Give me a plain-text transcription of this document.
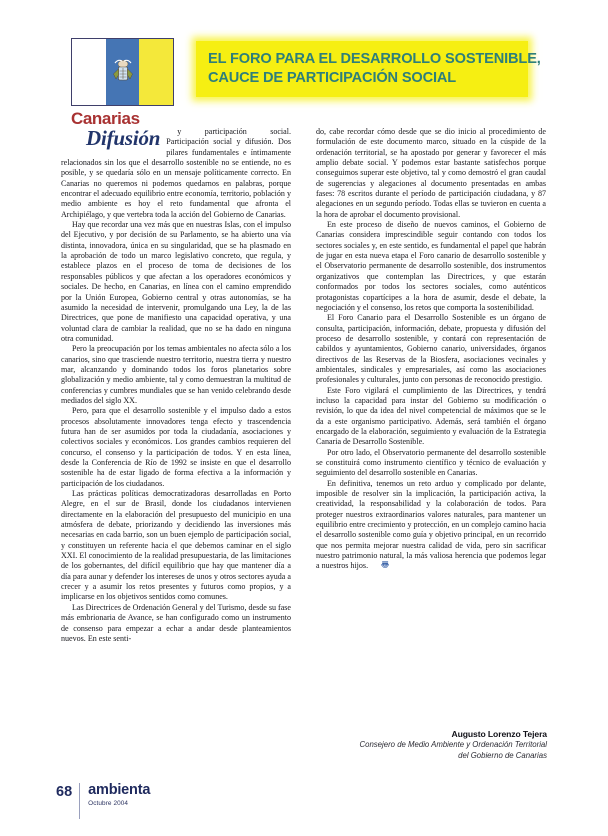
Canarias
EL FORO PARA EL DESARROLLO SOSTENIBLE,
CAUCE DE PARTICIPACIÓN SOCIAL

Difusión	y participación social. Participación social y difusión. Dos pilares fundamentales e íntimamente relacionados sin los que el desarrollo sostenible no se entiende, no es posible, y se quedaría sólo en un mensaje políticamente correcto. En Canarias no queremos ni podemos quedarnos en palabras, porque encontrar el adecuado equilibrio entre economía, territorio, población y medio ambiente es hoy el reto fundamental que afronta el Archipiélago, y que vertebra toda la acción del Gobierno de Canarias.

Hay que recordar una vez más que en nuestras Islas, con el impulso del Ejecutivo, y por decisión de su Parlamento, se ha abierto una vía distinta, innovadora, única en su singularidad, que se ha plasmado en la aprobación de todo un marco legislativo concreto, que regula, y establece plazos en el proceso de toma de decisiones de los responsables públicos y que afectan a los operadores económicos y sociales. De hecho, en Canarias, en línea con el camino emprendido por la Unión Europea, Gobierno central y otras autonomías, se ha asumido la necesidad de intervenir, promulgando una Ley, la de las Directrices, que pone de manifiesto una capacidad operativa, y una voluntad clara de cambiar la realidad, que no se ha dado en ninguna otra comunidad.

Pero la preocupación por los temas ambientales no afecta sólo a los canarios, sino que trasciende nuestro territorio, nuestra tierra y nuestro mar, alcanzando y dominando todos los foros planetarios sobre globalización y medio ambiente, tal y como demuestran la multitud de conferencias y cumbres mundiales que se han venido celebrando desde mediados del siglo XX.

Pero, para que el desarrollo sostenible y el impulso dado a estos procesos absolutamente innovadores tenga efecto y trascendencia futura han de ser asumidos por toda la ciudadanía, asociaciones y colectivos sociales y económicos. Los grandes cambios requieren del concurso, el consenso y la participación de todos. Y en esta línea, desde la Conferencia de Río de 1992 se insiste en que el desarrollo sostenible ha de estar ligado de forma efectiva a la información y participación de los ciudadanos.

Las prácticas políticas democratizadoras desarrolladas en Porto Alegre, en el sur de Brasil, donde los ciudadanos intervienen directamente en la elaboración del presupuesto del municipio en una atmósfera de debate, priorizando y decidiendo las inversiones más necesarias en cada barrio, son un buen ejemplo de participación social, y constituyen un referente hacia el que debemos caminar en el siglo XXI. El conocimiento de la realidad presupuestaria, de las limitaciones de los gobernantes, del difícil equilibrio que hay que mantener día a día para aunar y defender los intereses de unos y otros sectores ayuda a crecer y a asumir los retos presentes y futuros como propios, y a implicarse en los objetivos sentidos como comunes.

Las Directrices de Ordenación General y del Turismo, desde su fase más embrionaria de Avance, se han configurado como un instrumento de consenso para empezar a echar a andar desde planteamientos nuevos. En este senti-

do, cabe recordar cómo desde que se dio inicio al procedimiento de formulación de este documento marco, situado en la cúspide de la ordenación territorial, se ha apostado por generar y favorecer el más amplio debate social. Y podemos estar bastante satisfechos porque conseguimos superar este objetivo, tal y como demostró el gran caudal de sugerencias y alegaciones al documento presentadas en ambas fases: 78 escritos durante el período de participación ciudadana, y 87 alegaciones en un segundo período. Todas ellas se tuvieron en cuenta a la hora de aprobar el documento provisional.

En este proceso de diseño de nuevos caminos, el Gobierno de Canarias considera imprescindible seguir contando con todos los sectores sociales y, en este sentido, es fundamental el papel que habrán de jugar en esta nueva etapa el Foro canario de desarrollo sostenible y el Observatorio permanente de desarrollo sostenible, dos instrumentos organizativos que contemplan las Directrices, y que estarán conformados por todos los sectores sociales, como auténticos protagonistas copartícipes a la hora de asumir, desde el debate, la negociación y el consenso, los retos que comporta la sostenibilidad.

El Foro Canario para el Desarrollo Sostenible es un órgano de consulta, participación, información, debate, propuesta y difusión del proceso de desarrollo sostenible, y contará con representación de cabildos y ayuntamientos, Gobierno canario, universidades, órganos directivos de las Reservas de la Biosfera, asociaciones vecinales y ambientales, sindicales y empresariales, así como las asociaciones profesionales y culturales, junto con personas de reconocido prestigio.

Este Foro vigilará el cumplimiento de las Directrices, y tendrá incluso la capacidad para instar del Gobierno su modificación o revisión, lo que da idea del nivel competencial de máximos que se le da a este organismo participativo. Además, será también el órgano encargado de la elaboración, seguimiento y evaluación de la Estrategia Canaria de Desarrollo Sostenible.

Por otro lado, el Observatorio permanente del desarrollo sostenible se constituirá como instrumento científico y técnico de evaluación y seguimiento del desarrollo sostenible en Canarias.

En definitiva, tenemos un reto arduo y complicado por delante, imposible de resolver sin la implicación, la participación activa, la creatividad, la responsabilidad y la colaboración de todos. Para proteger nuestros extraordinarios valores naturales, para mantener un equilibrio entre crecimiento y protección, en un complejo camino hacia el desarrollo sostenible como guía y objetivo principal, en un recorrido que nos permita mejorar nuestra calidad de vida, pero sin sacrificar nuestro patrimonio natural, la más valiosa herencia que podemos legar a nuestros hijos. 〠

Augusto Lorenzo Tejera
Consejero de Medio Ambiente y Ordenación Territorial
del Gobierno de Canarias
68	ambienta
Octubre 2004
